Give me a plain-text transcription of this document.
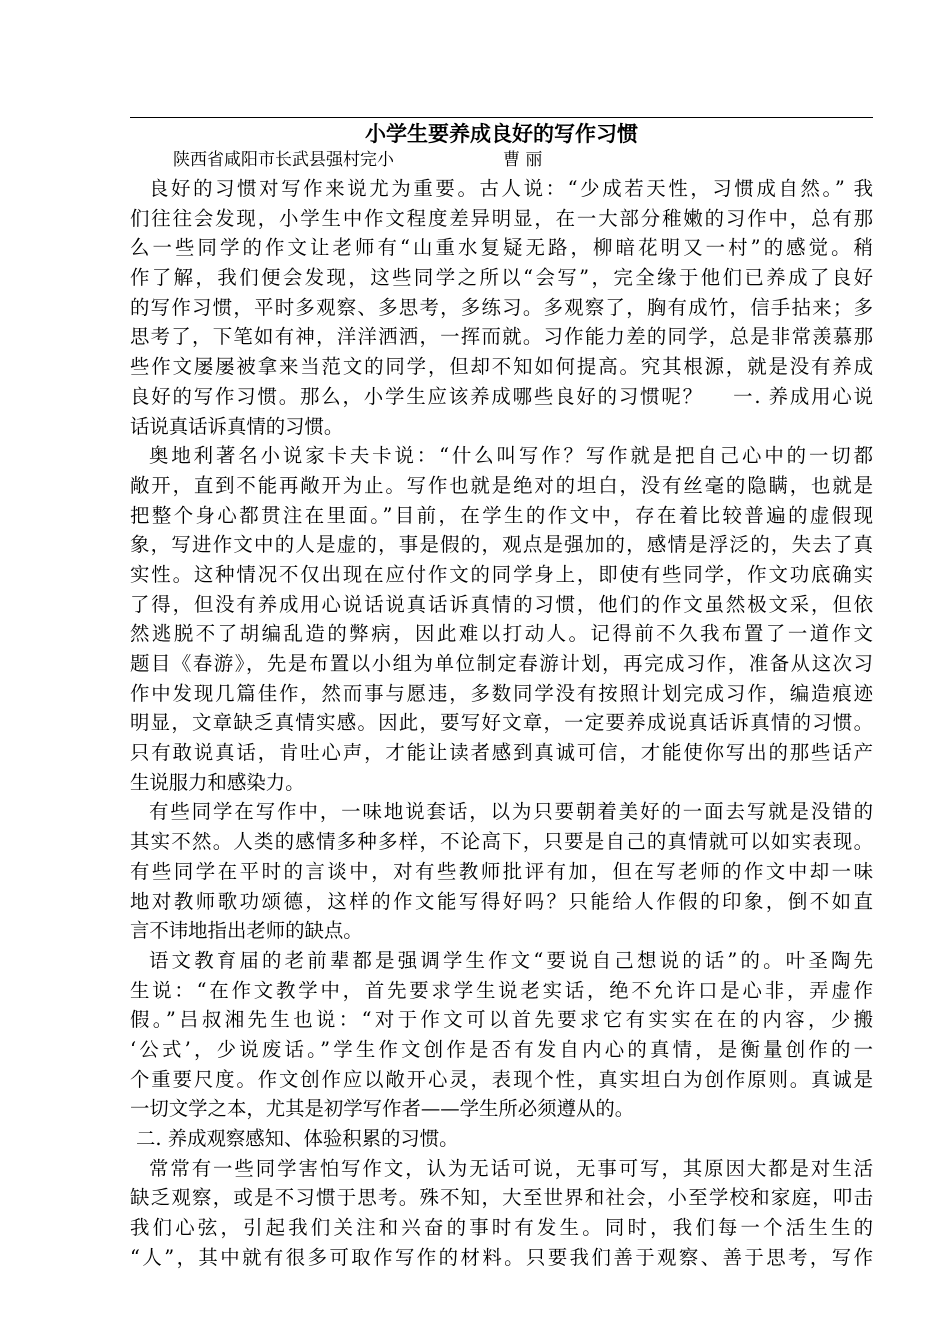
小学生要养成良好的写作习惯
陕西省咸阳市长武县强村完小	曹 丽
良好的习惯对写作来说尤为重要。古人说：“少成若天性，习惯成自然。” 我
们往往会发现，小学生中作文程度差异明显，在一大部分稚嫩的习作中，总有那
么一些同学的作文让老师有“山重水复疑无路，柳暗花明又一村”的感觉。稍
作了解，我们便会发现，这些同学之所以“会写”，完全缘于他们已养成了良好
的写作习惯，平时多观察、多思考，多练习。多观察了，胸有成竹，信手拈来；多
思考了，下笔如有神，洋洋洒洒，一挥而就。习作能力差的同学，总是非常羡慕那
些作文屡屡被拿来当范文的同学，但却不知如何提高。究其根源，就是没有养成
良好的写作习惯。那么，小学生应该养成哪些良好的习惯呢？　 一. 养成用心说
话说真话诉真情的习惯。
奥地利著名小说家卡夫卡说：“什么叫写作？写作就是把自己心中的一切都
敞开，直到不能再敞开为止。写作也就是绝对的坦白，没有丝毫的隐瞒，也就是
把整个身心都贯注在里面。”目前，在学生的作文中，存在着比较普遍的虚假现
象，写进作文中的人是虚的，事是假的，观点是强加的，感情是浮泛的，失去了真
实性。这种情况不仅出现在应付作文的同学身上，即使有些同学，作文功底确实
了得，但没有养成用心说话说真话诉真情的习惯，他们的作文虽然极文采，但依
然逃脱不了胡编乱造的弊病，因此难以打动人。记得前不久我布置了一道作文
题目《春游》，先是布置以小组为单位制定春游计划，再完成习作，准备从这次习
作中发现几篇佳作，然而事与愿违，多数同学没有按照计划完成习作，编造痕迹
明显，文章缺乏真情实感。因此，要写好文章，一定要养成说真话诉真情的习惯。
只有敢说真话，肯吐心声，才能让读者感到真诚可信，才能使你写出的那些话产
生说服力和感染力。
有些同学在写作中，一味地说套话，以为只要朝着美好的一面去写就是没错的
其实不然。人类的感情多种多样，不论高下，只要是自己的真情就可以如实表现。
有些同学在平时的言谈中，对有些教师批评有加，但在写老师的作文中却一味
地对教师歌功颂德，这样的作文能写得好吗？只能给人作假的印象，倒不如直
言不讳地指出老师的缺点。
语文教育届的老前辈都是强调学生作文“要说自己想说的话”的。叶圣陶先
生说：“在作文教学中，首先要求学生说老实话，绝不允许口是心非，弄虚作
假。”吕叔湘先生也说：“对于作文可以首先要求它有实实在在的内容，少搬
‘公式’，少说废话。”学生作文创作是否有发自内心的真情，是衡量创作的一
个重要尺度。作文创作应以敞开心灵，表现个性，真实坦白为创作原则。真诚是
一切文学之本，尤其是初学写作者——学生所必须遵从的。
二. 养成观察感知、体验积累的习惯。
常常有一些同学害怕写作文，认为无话可说，无事可写，其原因大都是对生活
缺乏观察，或是不习惯于思考。殊不知，大至世界和社会，小至学校和家庭，叩击
我们心弦，引起我们关注和兴奋的事时有发生。同时，我们每一个活生生的
“人”，其中就有很多可取作写作的材料。只要我们善于观察、善于思考，写作
